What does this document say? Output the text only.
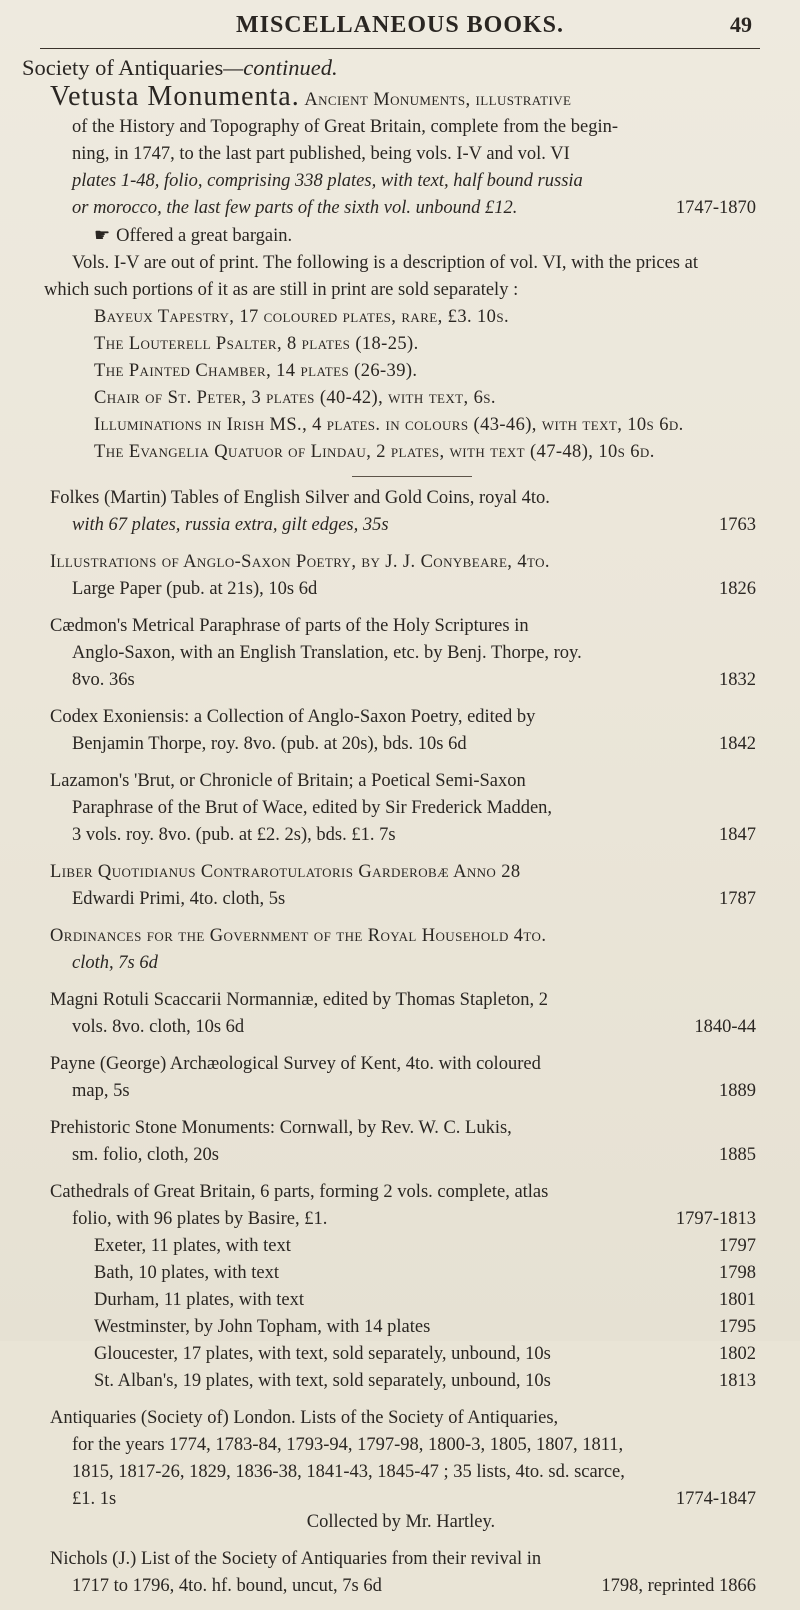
MISCELLANEOUS BOOKS.	49
Society of Antiquaries—continued.
Vetusta Monumenta. Ancient Monuments, illustrative
of the History and Topography of Great Britain, complete from the begin-
ning, in 1747, to the last part published, being vols. I-V and vol. VI
plates 1-48, folio, comprising 338 plates, with text, half bound russia
or morocco, the last few parts of the sixth vol. unbound £12.	1747-1870
☛ Offered a great bargain.
Vols. I-V are out of print. The following is a description of vol. VI, with the prices at
which such portions of it as are still in print are sold separately :
Bayeux Tapestry, 17 coloured plates, rare, £3. 10s.
The Louterell Psalter, 8 plates (18-25).
The Painted Chamber, 14 plates (26-39).
Chair of St. Peter, 3 plates (40-42), with text, 6s.
Illuminations in Irish MS., 4 plates. in colours (43-46), with text, 10s 6d.
The Evangelia Quatuor of Lindau, 2 plates, with text (47-48), 10s 6d.
Folkes (Martin) Tables of English Silver and Gold Coins, royal 4to.
with 67 plates, russia extra, gilt edges, 35s	1763
Illustrations of Anglo-Saxon Poetry, by J. J. Conybeare, 4to.
Large Paper (pub. at 21s), 10s 6d	1826
Cædmon's Metrical Paraphrase of parts of the Holy Scriptures in
Anglo-Saxon, with an English Translation, etc. by Benj. Thorpe, roy.
8vo. 36s	1832
Codex Exoniensis: a Collection of Anglo-Saxon Poetry, edited by
Benjamin Thorpe, roy. 8vo. (pub. at 20s), bds. 10s 6d	1842
Lazamon's 'Brut, or Chronicle of Britain; a Poetical Semi-Saxon
Paraphrase of the Brut of Wace, edited by Sir Frederick Madden,
3 vols. roy. 8vo. (pub. at £2. 2s), bds. £1. 7s	1847
Liber Quotidianus Contrarotulatoris Garderobæ Anno 28
Edwardi Primi, 4to. cloth, 5s	1787
Ordinances for the Government of the Royal Household 4to.
cloth, 7s 6d
Magni Rotuli Scaccarii Normanniæ, edited by Thomas Stapleton, 2
vols. 8vo. cloth, 10s 6d	1840-44
Payne (George) Archæological Survey of Kent, 4to. with coloured
map, 5s	1889
Prehistoric Stone Monuments: Cornwall, by Rev. W. C. Lukis,
sm. folio, cloth, 20s	1885
Cathedrals of Great Britain, 6 parts, forming 2 vols. complete, atlas
folio, with 96 plates by Basire, £1.	1797-1813
Exeter, 11 plates, with text	1797
Bath, 10 plates, with text	1798
Durham, 11 plates, with text	1801
Westminster, by John Topham, with 14 plates	1795
Gloucester, 17 plates, with text, sold separately, unbound, 10s	1802
St. Alban's, 19 plates, with text, sold separately, unbound, 10s	1813
Antiquaries (Society of) London. Lists of the Society of Antiquaries,
for the years 1774, 1783-84, 1793-94, 1797-98, 1800-3, 1805, 1807, 1811,
1815, 1817-26, 1829, 1836-38, 1841-43, 1845-47 ; 35 lists, 4to. sd. scarce,
£1. 1s	1774-1847
Collected by Mr. Hartley.
Nichols (J.) List of the Society of Antiquaries from their revival in
1717 to 1796, 4to. hf. bound, uncut, 7s 6d	1798, reprinted 1866
